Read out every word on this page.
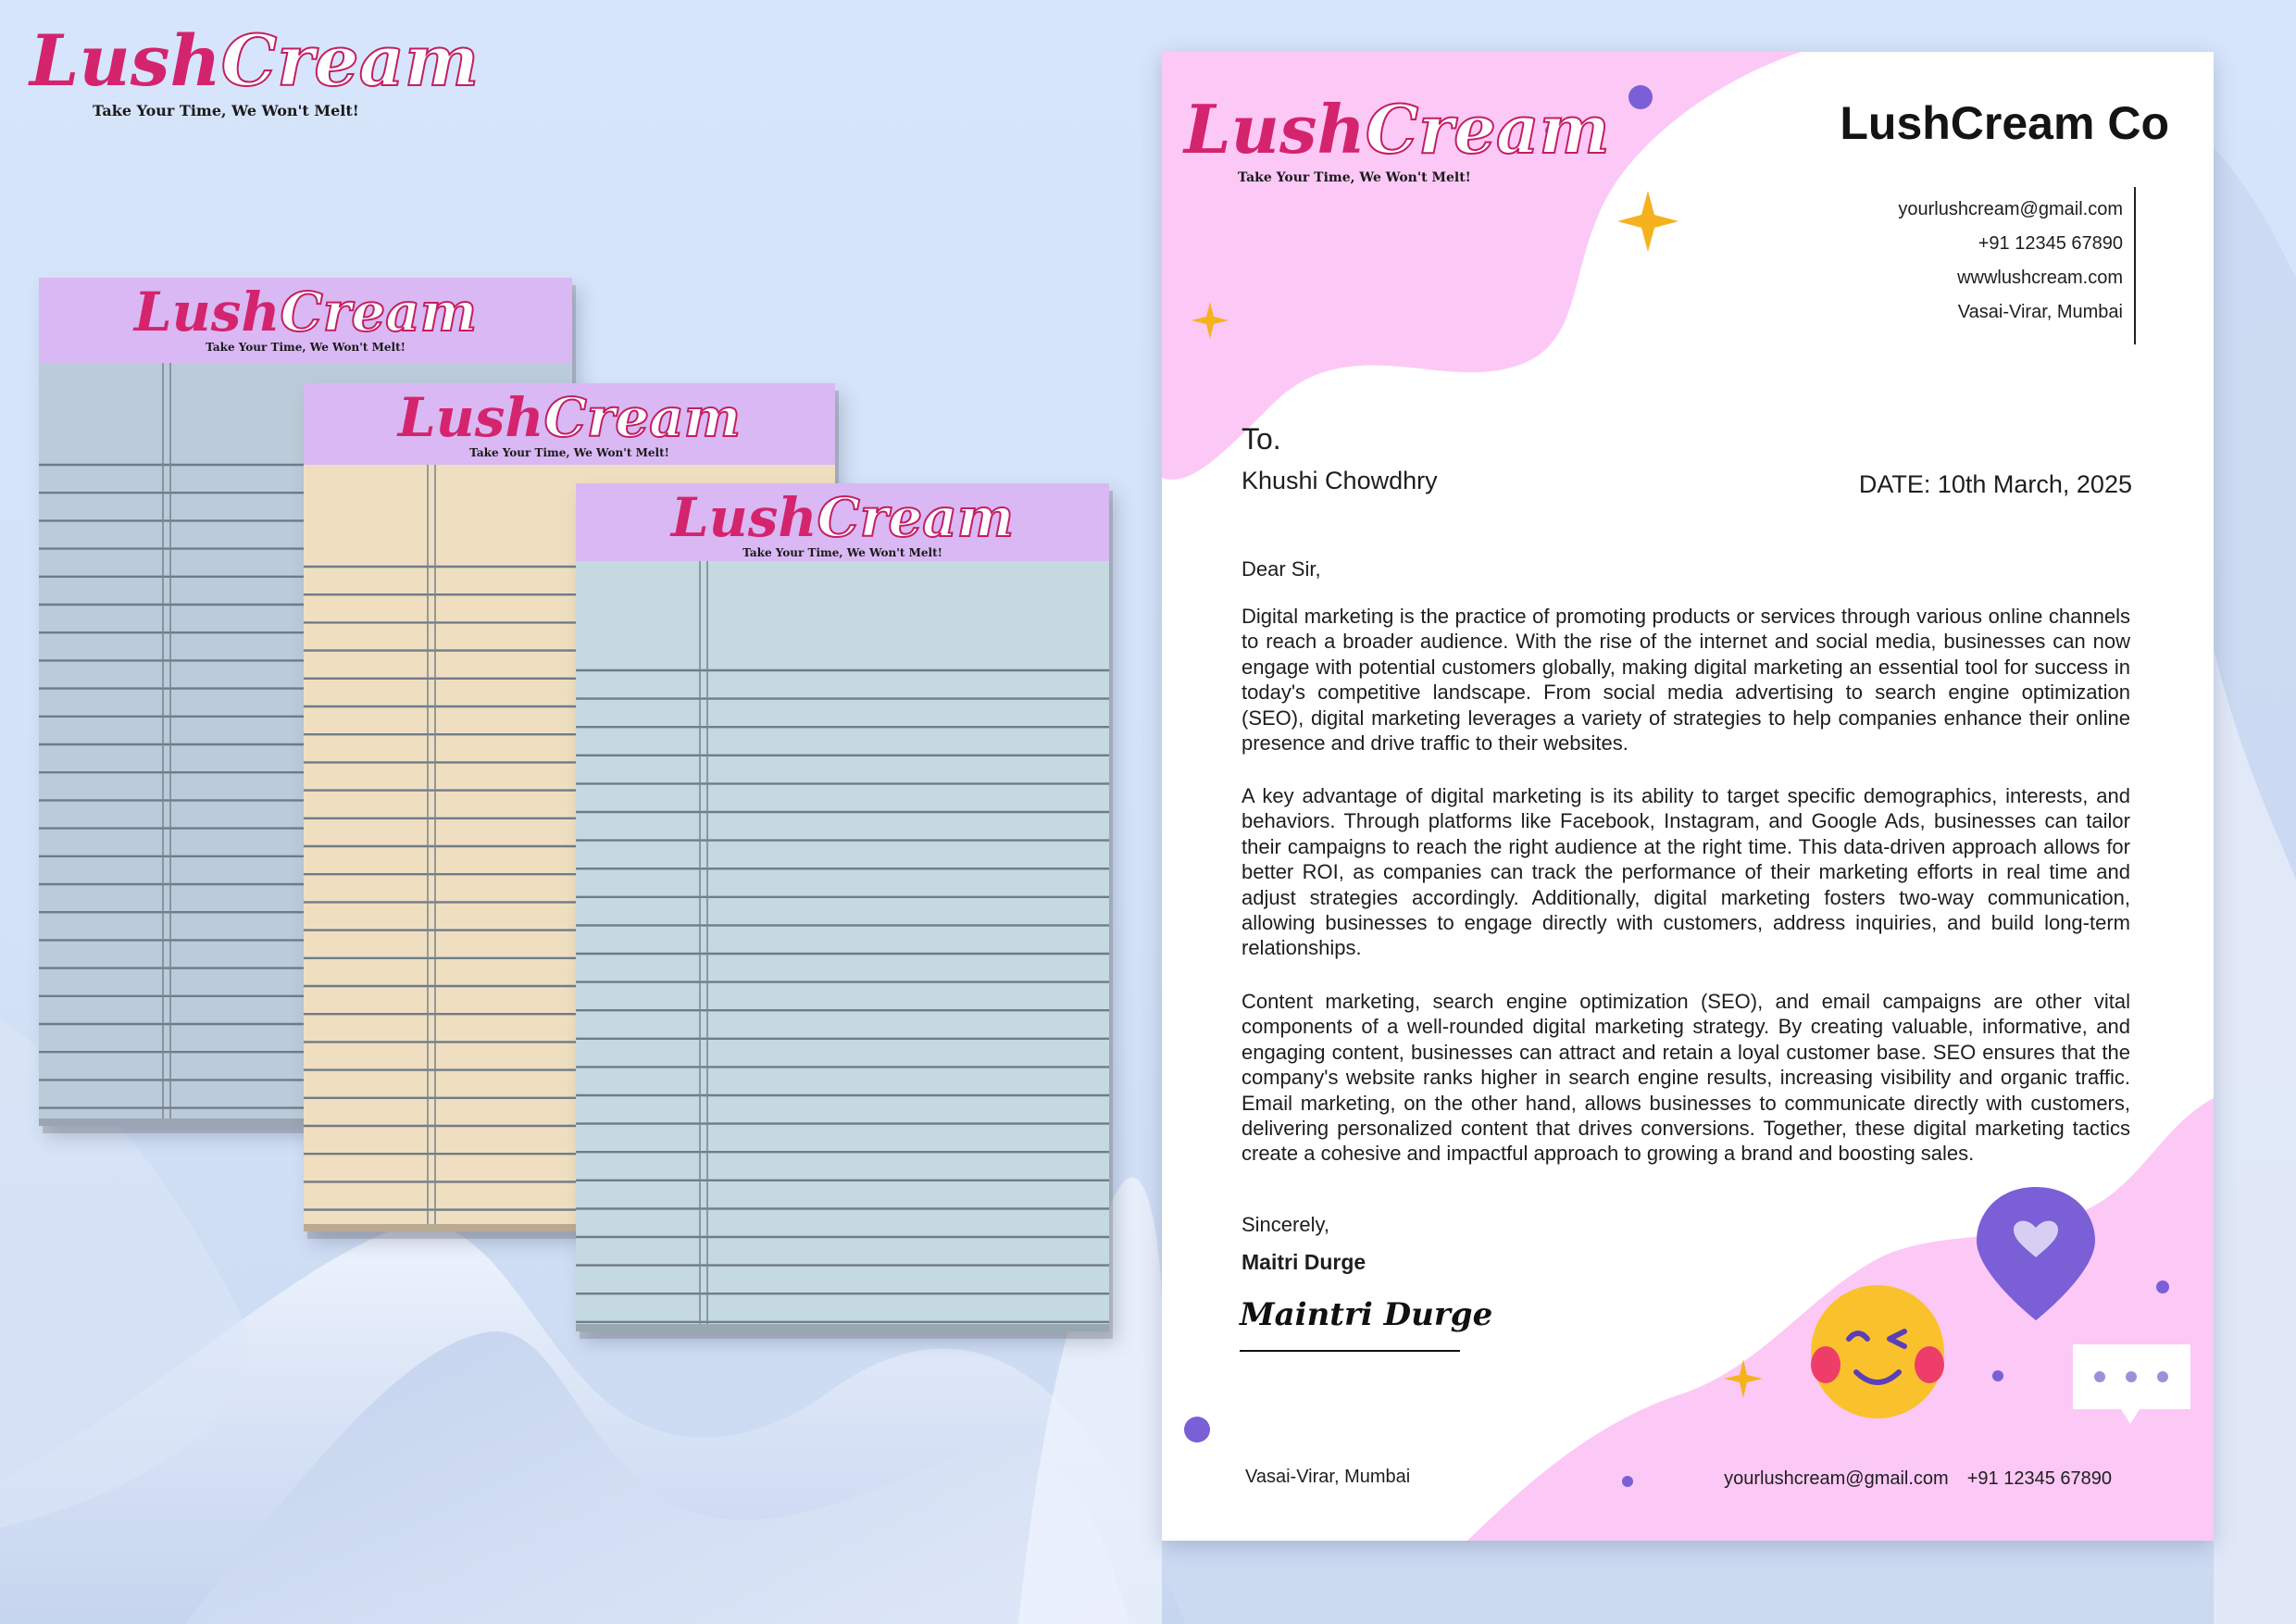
LushCream
Take Your Time, We Won't Melt!
LushCream
Take Your Time, We Won't Melt!
LushCream
Take Your Time, We Won't Melt!
LushCream
Take Your Time, We Won't Melt!
LushCream
Take Your Time, We Won't Melt!
LushCream Co
yourlushcream@gmail.com
+91 12345 67890
wwwlushcream.com
Vasai-Virar, Mumbai
To.
Khushi Chowdhry	DATE: 10th March, 2025
Dear Sir,
Digital marketing is the practice of promoting products or services through various online channels to reach a broader audience. With the rise of the internet and social media, businesses can now engage with potential customers globally, making digital marketing an essential tool for success in today's competitive landscape. From social media advertising to search engine optimization (SEO), digital marketing leverages a variety of strategies to help companies enhance their online presence and drive traffic to their websites.
A key advantage of digital marketing is its ability to target specific demographics, interests, and behaviors. Through platforms like Facebook, Instagram, and Google Ads, businesses can tailor their campaigns to reach the right audience at the right time. This data-driven approach allows for better ROI, as companies can track the performance of their marketing efforts in real time and adjust strategies accordingly. Additionally, digital marketing fosters two-way communication, allowing businesses to engage directly with customers, address inquiries, and build long-term relationships.
Content marketing, search engine optimization (SEO), and email campaigns are other vital components of a well-rounded digital marketing strategy. By creating valuable, informative, and engaging content, businesses can attract and retain a loyal customer base. SEO ensures that the company's website ranks higher in search engine results, increasing visibility and organic traffic. Email marketing, on the other hand, allows businesses to communicate directly with customers, delivering personalized content that drives conversions. Together, these digital marketing tactics create a cohesive and impactful approach to growing a brand and boosting sales.
Sincerely,
Maitri Durge
Maintri Durge
Vasai-Virar, Mumbai	yourlushcream@gmail.com +91 12345 67890
